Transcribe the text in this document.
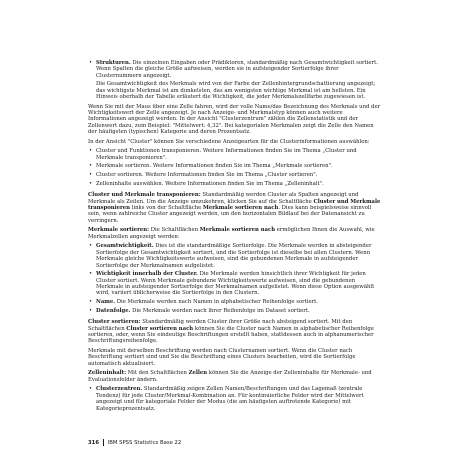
• Strukturen. Die einzelnen Eingaben oder Prädiktoren, standardmäßig nach Gesamtwichtigkeit sortiert. Wenn Spalten die gleiche Größe aufweisen, werden sie in aufsteigender Sortierfolge ihrer Clusternummern angezeigt.

Die Gesamtwichtigkeit des Merkmals wird von der Farbe der Zellenhintergrundschattierung angezeigt; das wichtigste Merkmal ist am dunkelsten, das am wenigsten wichtige Merkmal ist am hellsten. Ein Hinweis oberhalb der Tabelle erläutert die Wichtigkeit, die jeder Merkmalszellfarbe zugewiesen ist.

Wenn Sie mit der Maus über eine Zelle fahren, wird der volle Name/das Bezeichnung des Merkmals und der Wichtigkeitswert der Zelle angezeigt. Je nach Anzeige- und Merkmalstyp können auch weitere Informationen angezeigt werden. In der Ansicht "Clusterzentrum" zählen die Zellenstatistik und der Zellenwert dazu, zum Beispiel: "Mittelwert: 4,32". Bei kategorialen Merkmalen zeigt die Zelle den Namen der häufigsten (typischen) Kategorie und deren Prozentsatz.

In der Ansicht "Cluster" können Sie verschiedene Anzeigearten für die Clusterinformationen auswählen:

• Cluster und Funktionen transponieren. Weitere Informationen finden Sie im Thema „Cluster und Merkmale transponieren".
• Merkmale sortieren. Weitere Informationen finden Sie im Thema „Merkmale sortieren".
• Cluster sortieren. Weitere Informationen finden Sie im Thema „Cluster sortieren".
• Zelleninhalte auswählen. Weitere Informationen finden Sie im Thema „Zelleninhalt".

Cluster und Merkmale transponieren: Standardmäßig werden Cluster als Spalten angezeigt und Merkmale als Zeilen. Um die Anzeige umzukehren, klicken Sie auf die Schaltfläche Cluster und Merkmale transponieren links von der Schaltfläche Merkmale sortieren nach. Dies kann beispielsweise sinnvoll sein, wenn zahlreiche Cluster angezeigt werden, um den horizontalen Bildlauf bei der Datenansicht zu verringern.

Merkmale sortieren: Die Schaltflächen Merkmale sortieren nach ermöglichen Ihnen die Auswahl, wie Merkmalzellen angezeigt werden:

• Gesamtwichtigkeit. Dies ist die standardmäßige Sortierfolge. Die Merkmale werden in absteigender Sortierfolge der Gesamtwichtigkeit sortiert, und die Sortierfolge ist dieselbe bei allen Clustern. Wenn Merkmale gleiche Wichtigkeitswerte aufweisen, sind die gebundenen Merkmale in aufsteigender Sortierfolge der Merkmalnamen aufgelistet.
• Wichtigkeit innerhalb der Cluster. Die Merkmale werden hinsichtlich ihrer Wichtigkeit für jeden Cluster sortiert. Wenn Merkmale gebundene Wichtigkeitswerte aufweisen, sind die gebundenen Merkmale in aufsteigender Sortierfolge der Merkmalnamen aufgelistet. Wenn diese Option ausgewählt wird, variiert üblicherweise die Sortierfolge in den Clustern.
• Name. Die Merkmale werden nach Namen in alphabetischer Reihenfolge sortiert.
• Datenfolge. Die Merkmale werden nach ihrer Reihenfolge im Dataset sortiert.

Cluster sortieren: Standardmäßig werden Cluster ihrer Größe nach absteigend sortiert. Mit den Schaltflächen Cluster sortieren nach können Sie die Cluster nach Namen in alphabetischer Reihenfolge sortieren, oder, wenn Sie eindeutige Beschriftungen erstellt haben, stattdessen auch in alphanumerischer Beschriftungsreihenfolge.

Merkmale mit derselben Beschriftung werden nach Clusternamen sortiert. Wenn die Cluster nach Beschriftung sortiert sind und Sie die Beschriftung eines Clusters bearbeiten, wird die Sortierfolge automatisch aktualisiert.

Zelleninhalt: Mit den Schaltflächen Zellen können Sie die Anzeige der Zelleninhalte für Merkmale- und Evaluationsfelder ändern.

• Clusterzentren. Standardmäßig zeigen Zellen Namen/Beschriftungen und das Lagemaß (zentrale Tendenz) für jede Cluster/Merkmal-Kombination an. Für kontinuierliche Felder wird der Mittelwert angezeigt und für kategoriale Felder der Modus (die am häufigsten auftretende Kategorie) mit Kategorieprozentsatz.
316 IBM SPSS Statistics Base 22
